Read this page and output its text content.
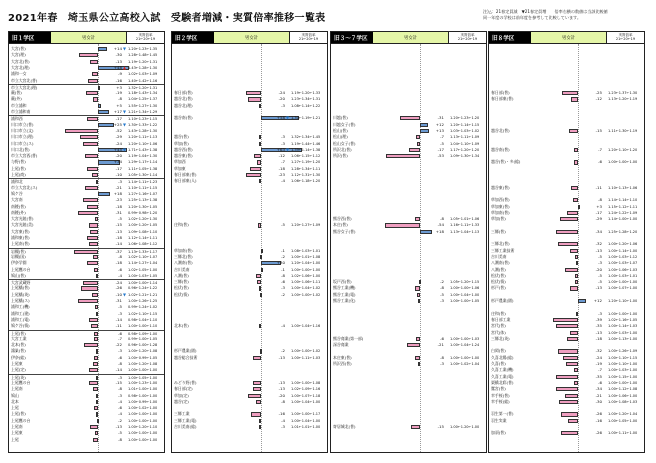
2021年春　埼玉県公立高校入試　受験者増減・実質倍率推移一覧表
注)△：21春定員減　▼21春定員増　　倍率右横の数値は当該比較値
同一年度の学校は前年度を参考して比較しています。
旧１学区	男女計
実質倍率
21←20←19
大宮(普)	+14 ▼ 1.20←1.23←1.35
大宮(理)	-30 1.28←1.48←1.45
大宮北(普)	-13 1.19←1.20←1.31
大宮北(理)	+48 ▲ 1.43←1.28←1.30
浦和一女	-9 1.02←1.03←1.09
市立大宮北(普)	-16 1.40←1.42←1.16
市立大宮北(理)	+3 1.32←1.20←1.31
蕨(普)	-19 1.18←1.43←1.34
蕨(外)	-8 1.04←1.25←1.37
市立浦和	+5 1.55←1.27←1.30
市立浦和南	+17 ▼ 1.21←1.34←1.29
浦和西	-17 1.10←1.23←1.15
川口市立(普)	+25 ▼ 1.30←1.33←1.22
川口市立(文)	-52 1.43←1.28←1.30
川口市立(理)	-29 1.20←1.11←1.13
川口市立(ス)	-24 1.20←1.10←1.06
川口北(普)	+45 ▼ 1.71←1.43←1.38
市立大宮西(普)	-20 1.19←1.04←1.30
与野(普)	+34 1.29←1.17←1.14
上尾(普)	-17 1.11←1.05←1.38
上尾(商)	-10 1.05←1.30←1.14
浦和北	-3 1.14←1.11←1.23
市立大宮北(ス)	-21 1.10←1.11←1.15
鳩ケ谷	+18 1.27←1.16←1.07
大宮南	-23 1.25←1.13←1.38
南稜(普)	-18 1.20←1.30←1.05
南稜(外)	-31 0.99←0.98←1.20
大宮光陵(普)	-5 1.02←1.20←1.30
大宮光陵(美)	-15 1.00←1.20←1.05
大宮東(普)	-13 1.09←1.08←1.10
浦和東(普)	-18 1.12←1.14←1.11
上尾南(普)	-14 1.06←1.08←1.12
岩槻(普)	-37 1.13←1.33←1.17
岩槻(国)	-8 1.02←1.10←1.07
伊奈学園	-18 1.14←1.27←1.04
上尾鷹の台	-6 1.02←1.05←1.00
鳩山(普)	-4 1.00←1.03←1.05
大宮武蔵野	-24 1.00←1.00←1.14
上尾橘(普)	-26 0.96←1.24←1.22
上尾橘(英)	-10 ▼ 1.02←1.21←1.21
上尾橘(ス)	-31 1.00←1.26←1.25
浦和工(機)	-5 0.99←1.24←1.02
浦和工(建)	-3 1.02←1.10←1.15
浦和工(電)	-14 0.98←1.04←1.10
鳩ケ谷(情)	-11 1.00←1.00←1.10
上尾(普)	-6 0.98←1.09←1.00
大宮工業	-7 0.99←1.00←1.05
北本(普)	-22 0.96←1.00←1.28
鴻巣(普)	-3 1.00←1.20←1.08
伊奈(総)	-6 1.00←0.99←1.05
上尾東	-8 1.00←1.20←1.08
上尾(定)	-14 1.00←1.00←1.00
上尾(英)	-3 1.00←1.05←1.00
上尾鷹の台	-15 1.00←1.23←1.00
上尾南	-8 1.01←1.00←1.00
鳩山	-3 0.98←1.00←1.00
北本	-4 1.00←0.99←1.00
上尾	-6 1.00←1.02←1.00
上尾(普)	-4 1.00←1.00←1.00
上尾鷹の台	-2 1.00←1.00←1.00
上尾南	-13 1.00←1.20←1.10
上尾東	-5 1.00←1.00←1.00
上尾	-8 1.00←1.00←1.00
旧２学区	男女計
実質倍率
21←20←19
春日部(普)	-24 1.19←1.20←1.33
越谷北(普)	-20 1.23←1.34←1.31
越谷北(理)	-3 1.08←1.14←1.22
越谷南(普)	+58 ▼ 1.30←1.19←1.21
越谷(普)	-3 1.32←1.34←1.45
草加(普)	-3 1.19←1.44←1.46
越谷西(普)	+63 ▼ 1.39←1.14←1.38
越谷東(普)	-12 1.06←1.15←1.12
草加西	-7 1.27←1.19←1.20
草加東	-18 1.28←1.34←1.11
春日部東(普)	-23 1.12←1.31←1.30
春日部東(人)	-4 1.06←1.18←1.20
庄和(普)	-5 1.20←1.27←1.09
草加南(普)	-1 1.08←1.03←1.01
三郷北(普)	-2 1.00←1.01←1.08
八潮南(普)	+30 1.20←1.04←1.00
吉川美南	-1 1.00←1.00←1.00
八潮(普)	-8 1.02←1.06←1.00
三郷(普)	-6 1.00←1.06←1.11
松伏(普)	-3 1.00←1.04←1.02
松伏(情)	-2 1.00←1.00←1.02
北本(普)	-4 1.00←1.04←1.16
杉戸農業(園)	-2 1.00←1.00←1.02
越谷総合技術	-13 1.00←1.11←1.03
みどり野(普)	-13 1.00←1.00←1.08
春日部(定)	-13 1.02←1.09←1.16
草加(定)	-20 1.00←1.07←1.18
越谷(定)	-8 1.00←1.04←1.00
三郷工業	-16 1.00←1.00←1.17
三郷工業(電)	-4 1.00←1.04←1.00
吉川美南(総)	-3 1.01←1.01←1.00
旧３～７学区	男女計
実質倍率
21←20←19
川越(普)	-31 1.20←1.23←1.20
川越女子(普)	+12 1.20←1.14←1.15
松山(普)	+13 1.03←1.03←1.02
松山(理)	-7 1.13←1.11←1.09
松山女子(普)	-5 1.04←1.10←1.09
所沢北(普)	-17 1.17←1.20←1.20
所沢(普)	-53 1.09←1.30←1.34
熊谷西(普)	-8 1.05←1.01←1.06
本庄(普)	-54 1.16←1.11←1.33
熊谷女子(普)	+18 1.13←1.04←1.13
坂戸西(普)	-2 1.05←1.20←1.15
熊谷工業(機)	-8 1.00←1.00←1.06
熊谷工業(電)	-5 1.00←1.04←1.00
熊谷工業(化)	-3 1.00←1.00←1.05
熊谷商業(第一部)	-6 1.00←1.00←1.03
深谷商業	-21 1.00←1.04←1.24
本庄東(普)	-8 1.00←1.00←1.00
所沢西(普)	-3 1.00←1.02←1.04
寄居城北(普)	-15 1.00←1.20←1.00
旧８学区	男女計
実質倍率
21←20←19
春日部(普)	-25 1.23←1.37←1.30
春日部東(普)	-12 1.13←1.20←1.19
越谷北(普)	-15 1.11←1.30←1.19
越谷南(普)	-7 1.20←1.10←1.20
越谷(普)・多(総)	-6 1.00←1.00←1.00
越谷東(普)	-11 1.10←1.13←1.06
草加西(普)	-8 1.14←1.14←1.10
草加東(普)	+3 1.15←1.12←1.11
草加南(普)	-17 1.24←1.22←1.09
草加(普)	-29 1.14←1.00←1.00
三郷(普)	-34 1.25←1.28←1.20
三郷北(普)	-32 1.00←1.20←1.06
三郷工業技術	-13 1.00←1.14←1.00
吉川美南	-5 1.00←1.03←1.12
八潮南(普)	-3 1.00←1.03←1.07
八潮(普)	-20 1.00←1.06←1.03
松伏(普)	-5 1.00←1.03←1.01
松伏(情)	-5 1.00←1.00←1.00
杉戸(普)	-13 1.00←1.07←1.00
杉戸農業(園)	+12 1.20←1.10←1.00
庄和(普)	-3 1.00←1.00←1.00
春日部工業	-39 1.02←1.16←1.05
宮代(普)	-35 1.00←1.14←1.03
宮代(体)	-13 1.00←1.03←1.00
三郷北(英)	-18 1.00←1.13←1.00
白岡(普)	-32 1.00←1.26←1.09
久喜北陽(総)	-24 1.00←1.10←1.15
久喜(普)	-19 1.00←1.10←1.00
久喜工業(機)	-7 1.00←1.03←1.00
久喜工業(電)	-35 1.00←1.15←1.00
栗橋北彩(普)	-6 1.00←1.00←1.00
鷲宮(普)	-34 1.00←1.12←1.08
幸手桜(普)	-21 1.00←1.06←1.00
幸手桜(総)	-30 1.00←1.08←1.03
羽生第一(普)	-26 1.00←1.20←1.04
羽生実業	-16 1.00←1.05←1.00
加須(普)	-26 1.00←1.11←1.00
